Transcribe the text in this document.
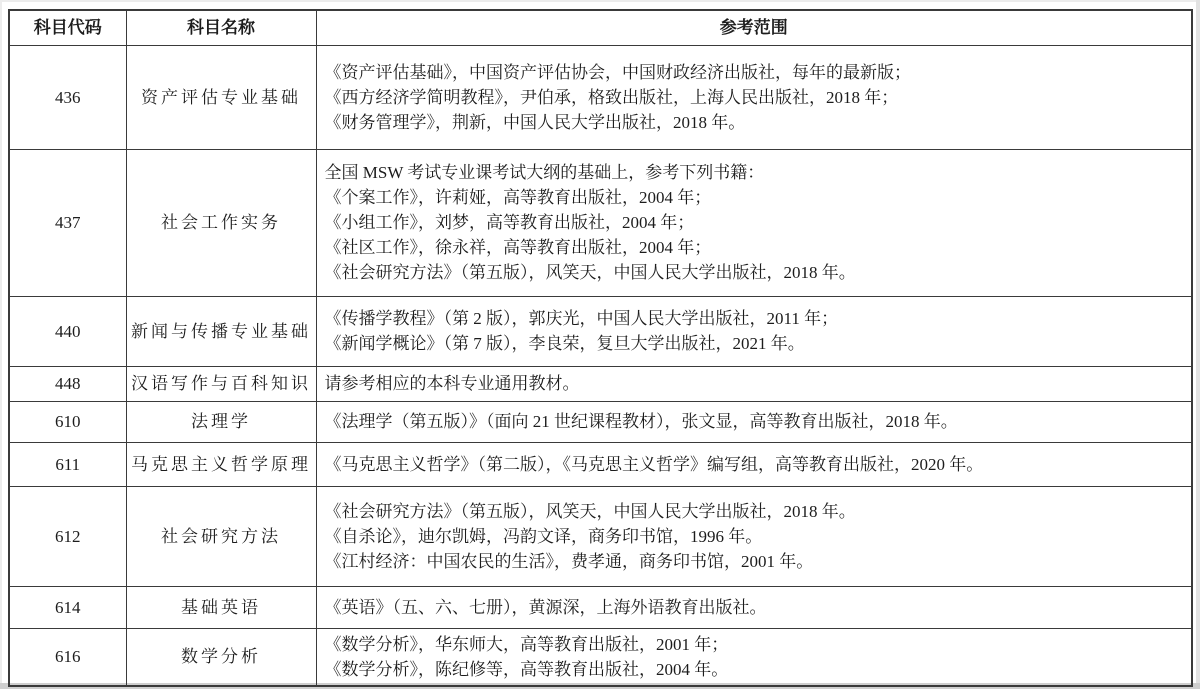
科目代码	科目名称	参考范围
436	资产评估专业基础	《资产评估基础》，中国资产评估协会，中国财政经济出版社，每年的最新版；
《西方经济学简明教程》，尹伯承，格致出版社，上海人民出版社，2018 年；
《财务管理学》，荆新，中国人民大学出版社，2018 年。

437	社会工作实务	全国 MSW 考试专业课考试大纲的基础上，参考下列书籍：
《个案工作》，许莉娅，高等教育出版社，2004 年；
《小组工作》，刘梦，高等教育出版社，2004 年；
《社区工作》，徐永祥，高等教育出版社，2004 年；
《社会研究方法》（第五版），风笑天，中国人民大学出版社，2018 年。

440	新闻与传播专业基础	《传播学教程》（第 2 版），郭庆光，中国人民大学出版社，2011 年；
《新闻学概论》（第 7 版），李良荣，复旦大学出版社，2021 年。

448	汉语写作与百科知识	请参考相应的本科专业通用教材。

610	法理学	《法理学（第五版）》（面向 21 世纪课程教材），张文显，高等教育出版社，2018 年。

611	马克思主义哲学原理	《马克思主义哲学》（第二版），《马克思主义哲学》编写组，高等教育出版社，2020 年。

612	社会研究方法	《社会研究方法》（第五版），风笑天，中国人民大学出版社，2018 年。
《自杀论》，迪尔凯姆，冯韵文译，商务印书馆，1996 年。
《江村经济：中国农民的生活》，费孝通，商务印书馆，2001 年。

614	基础英语	《英语》（五、六、七册），黄源深，上海外语教育出版社。

616	数学分析	《数学分析》，华东师大，高等教育出版社，2001 年；
《数学分析》，陈纪修等，高等教育出版社，2004 年。
